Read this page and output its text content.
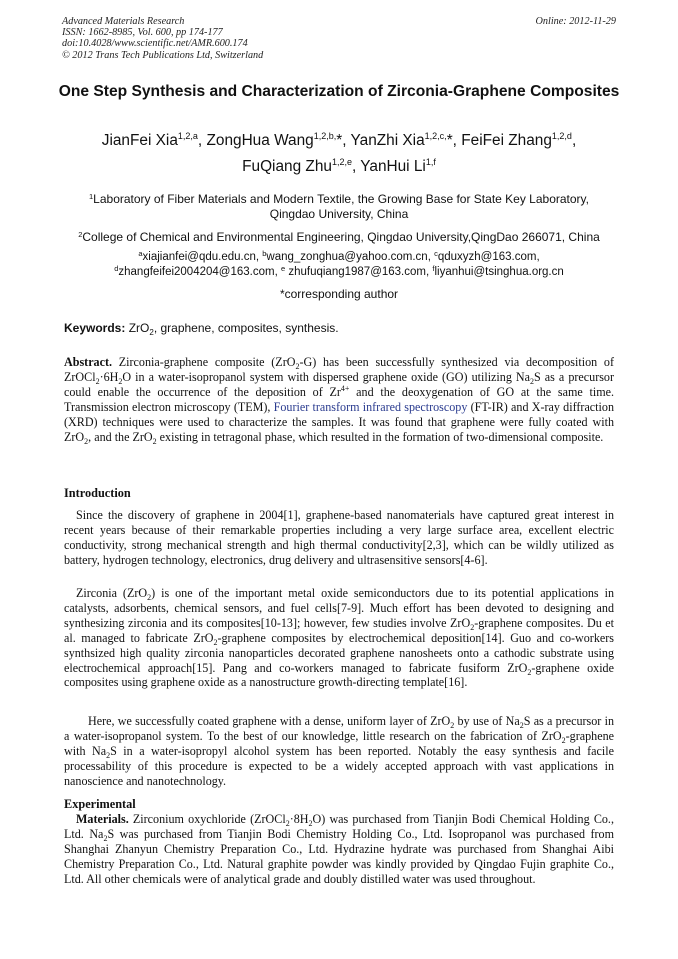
Advanced Materials Research
ISSN: 1662-8985, Vol. 600, pp 174-177
doi:10.4028/www.scientific.net/AMR.600.174
© 2012 Trans Tech Publications Ltd, Switzerland
Online: 2012-11-29
One Step Synthesis and Characterization of Zirconia-Graphene Composites
JianFei Xia$^{1,2,a}$, ZongHua Wang$^{1,2,b,}$*, YanZhi Xia$^{1,2,c,}$*, FeiFei Zhang$^{1,2,d}$,
FuQiang Zhu$^{1,2,e}$, YanHui Li$^{1,f}$
$^1$Laboratory of Fiber Materials and Modern Textile, the Growing Base for State Key Laboratory,
Qingdao University, China
$^2$College of Chemical and Environmental Engineering, Qingdao University,QingDao 266071, China
$^a$xiajianfei@qdu.edu.cn, $^b$wang_zonghua@yahoo.com.cn, $^c$qduxyzh@163.com,
$^d$zhangfeifei2004204@163.com, $^e$ zhufuqiang1987@163.com, $^f$liyanhui@tsinghua.org.cn
*corresponding author
Keywords: ZrO$_2$, graphene, composites, synthesis.
Abstract. Zirconia-graphene composite (ZrO$_2$-G) has been successfully synthesized via decomposition of $ZrOCl_2\cdot 6H_2O$ in a water-isopropanol system with dispersed graphene oxide (GO) utilizing $Na_2S$ as a precursor could enable the occurrence of the deposition of $Zr^{4+}$ and the deoxygenation of GO at the same time. Transmission electron microscopy (TEM), Fourier transform infrared spectroscopy (FT-IR) and X-ray diffraction (XRD) techniques were used to characterize the samples. It was found that graphene were fully coated with ZrO$_2$, and the ZrO$_2$ existing in tetragonal phase, which resulted in the formation of two-dimensional composite.
Introduction
Since the discovery of graphene in 2004[1], graphene-based nanomaterials have captured great interest in recent years because of their remarkable properties including a very large surface area, excellent electric conductivity, strong mechanical strength and high thermal conductivity[2,3], which can be wildly utilized as battery, hydrogen technology, electronics, drug delivery and ultrasensitive sensors[4-6].
Zirconia (ZrO$_2$) is one of the important metal oxide semiconductors due to its potential applications in catalysts, adsorbents, chemical sensors, and fuel cells[7-9]. Much effort has been devoted to designing and synthesizing zirconia and its composites[10-13]; however, few studies involve ZrO$_2$-graphene composites. Du et al. managed to fabricate ZrO$_2$-graphene composites by electrochemical deposition[14]. Guo and co-workers synthsized high quality zirconia nanoparticles decorated graphene nanosheets onto a cathodic substrate using electrochemical approach[15]. Pang and co-workers managed to fabricate fusiform ZrO$_2$-graphene oxide composites using graphene oxide as a nanostructure growth-directing template[16].
Here, we successfully coated graphene with a dense, uniform layer of ZrO$_2$ by use of $Na_2S$ as a precursor in a water-isopropanol system. To the best of our knowledge, little research on the fabrication of ZrO$_2$-graphene with $Na_2S$ in a water-isopropyl alcohol system has been reported. Notably the easy synthesis and facile processability of this procedure is expected to be a widely accepted approach with vast applications in nanoscience and nanotechnology.
Experimental
Materials. Zirconium oxychloride $(ZrOCl_2\cdot 8H_2O)$ was purchased from Tianjin Bodi Chemical Holding Co., Ltd. $Na_2S$ was purchased from Tianjin Bodi Chemistry Holding Co., Ltd. Isopropanol was purchased from Shanghai Zhanyun Chemistry Preparation Co., Ltd. Hydrazine hydrate was purchased from Shanghai Aibi Chemistry Preparation Co., Ltd. Natural graphite powder was kindly provided by Qingdao Fujin graphite Co., Ltd. All other chemicals were of analytical grade and doubly distilled water was used throughout.
